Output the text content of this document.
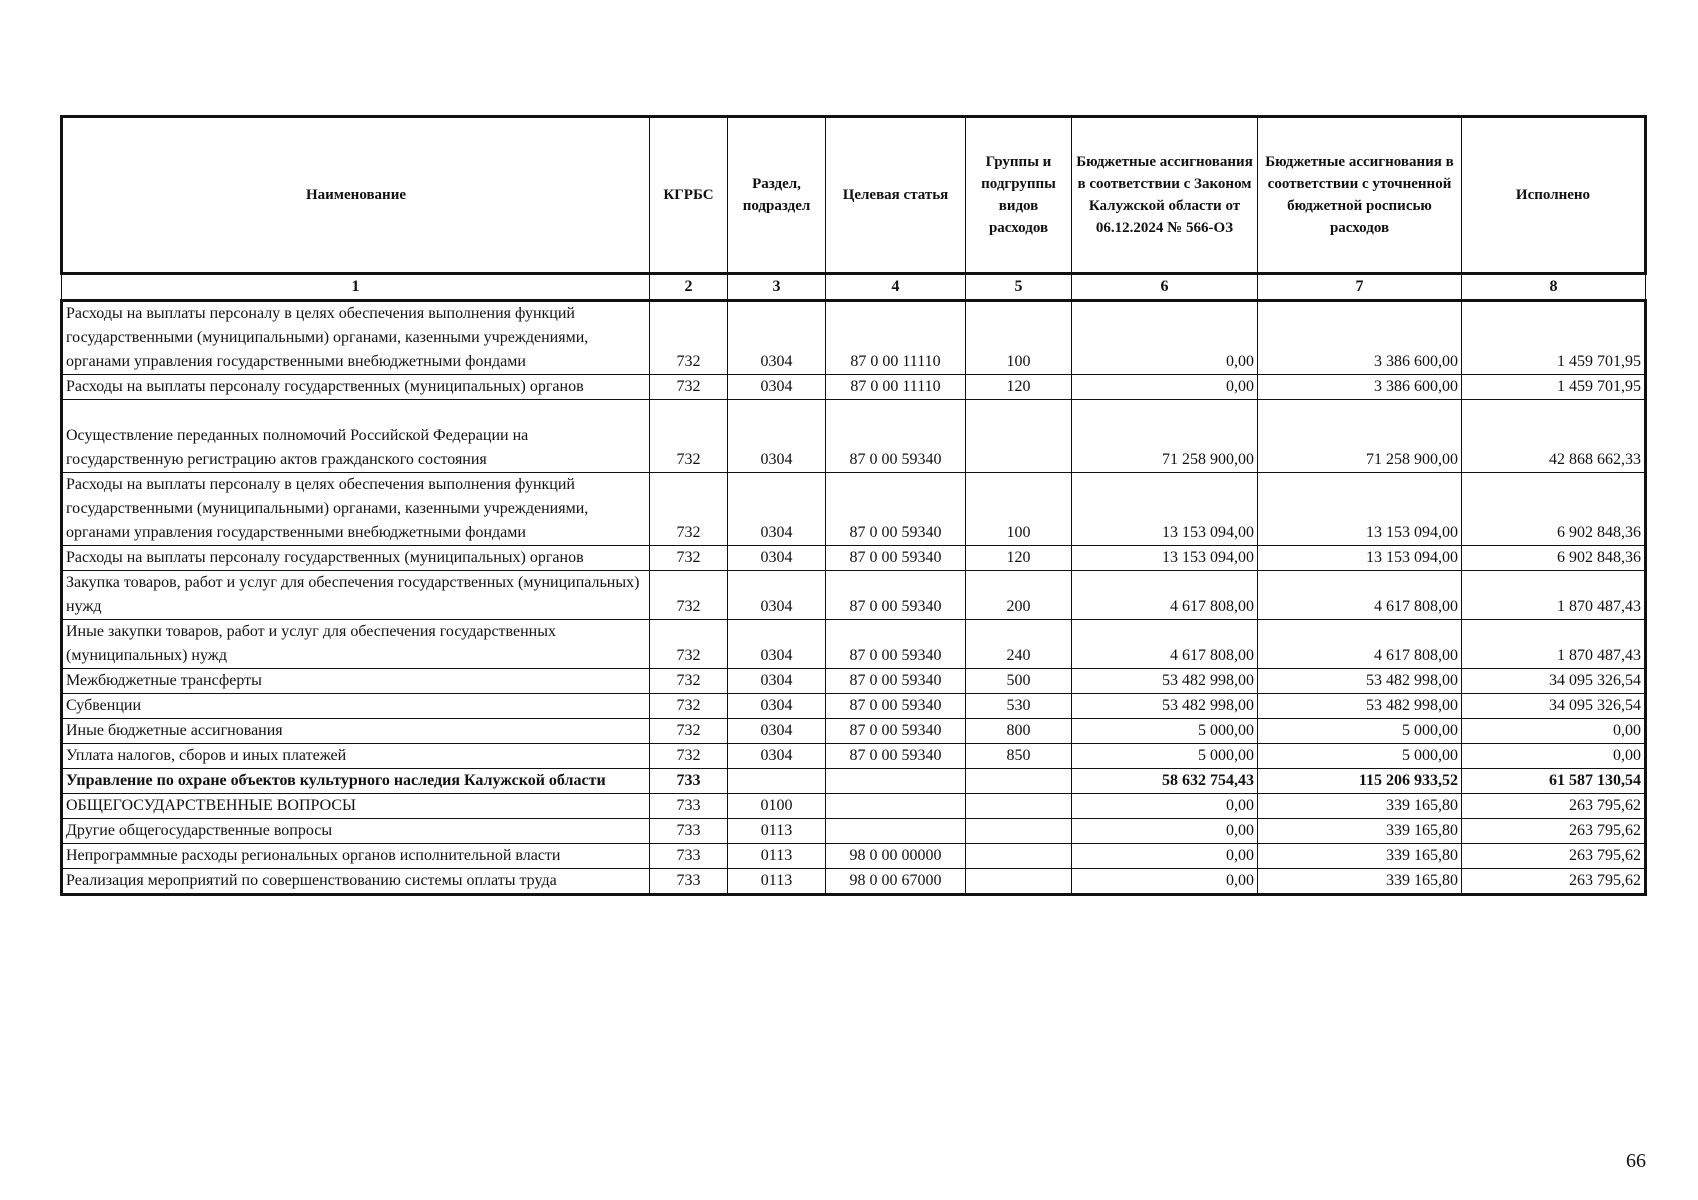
Наименование	КГРБС	Раздел, подраздел	Целевая статья	Группы и подгруппы видов расходов	Бюджетные ассигнования в соответствии с Законом Калужской области от 06.12.2024 № 566-ОЗ	Бюджетные ассигнования в соответствии с уточненной бюджетной росписью расходов	Исполнено
1	2	3	4	5	6	7	8
Расходы на выплаты персоналу в целях обеспечения выполнения функций государственными (муниципальными) органами, казенными учреждениями, органами управления государственными внебюджетными фондами	732	0304	87 0 00 11110	100	0,00	3 386 600,00	1 459 701,95
Расходы на выплаты персоналу государственных (муниципальных) органов	732	0304	87 0 00 11110	120	0,00	3 386 600,00	1 459 701,95
Осуществление переданных полномочий Российской Федерации на государственную регистрацию актов гражданского состояния	732	0304	87 0 00 59340		71 258 900,00	71 258 900,00	42 868 662,33
Расходы на выплаты персоналу в целях обеспечения выполнения функций государственными (муниципальными) органами, казенными учреждениями, органами управления государственными внебюджетными фондами	732	0304	87 0 00 59340	100	13 153 094,00	13 153 094,00	6 902 848,36
Расходы на выплаты персоналу государственных (муниципальных) органов	732	0304	87 0 00 59340	120	13 153 094,00	13 153 094,00	6 902 848,36
Закупка товаров, работ и услуг для обеспечения государственных (муниципальных) нужд	732	0304	87 0 00 59340	200	4 617 808,00	4 617 808,00	1 870 487,43
Иные закупки товаров, работ и услуг для обеспечения государственных (муниципальных) нужд	732	0304	87 0 00 59340	240	4 617 808,00	4 617 808,00	1 870 487,43
Межбюджетные трансферты	732	0304	87 0 00 59340	500	53 482 998,00	53 482 998,00	34 095 326,54
Субвенции	732	0304	87 0 00 59340	530	53 482 998,00	53 482 998,00	34 095 326,54
Иные бюджетные ассигнования	732	0304	87 0 00 59340	800	5 000,00	5 000,00	0,00
Уплата налогов, сборов и иных платежей	732	0304	87 0 00 59340	850	5 000,00	5 000,00	0,00
Управление по охране объектов культурного наследия Калужской области	733				58 632 754,43	115 206 933,52	61 587 130,54
ОБЩЕГОСУДАРСТВЕННЫЕ ВОПРОСЫ	733	0100			0,00	339 165,80	263 795,62
Другие общегосударственные вопросы	733	0113			0,00	339 165,80	263 795,62
Непрограммные расходы региональных органов исполнительной власти	733	0113	98 0 00 00000		0,00	339 165,80	263 795,62
Реализация мероприятий по совершенствованию системы оплаты труда	733	0113	98 0 00 67000		0,00	339 165,80	263 795,62
66
